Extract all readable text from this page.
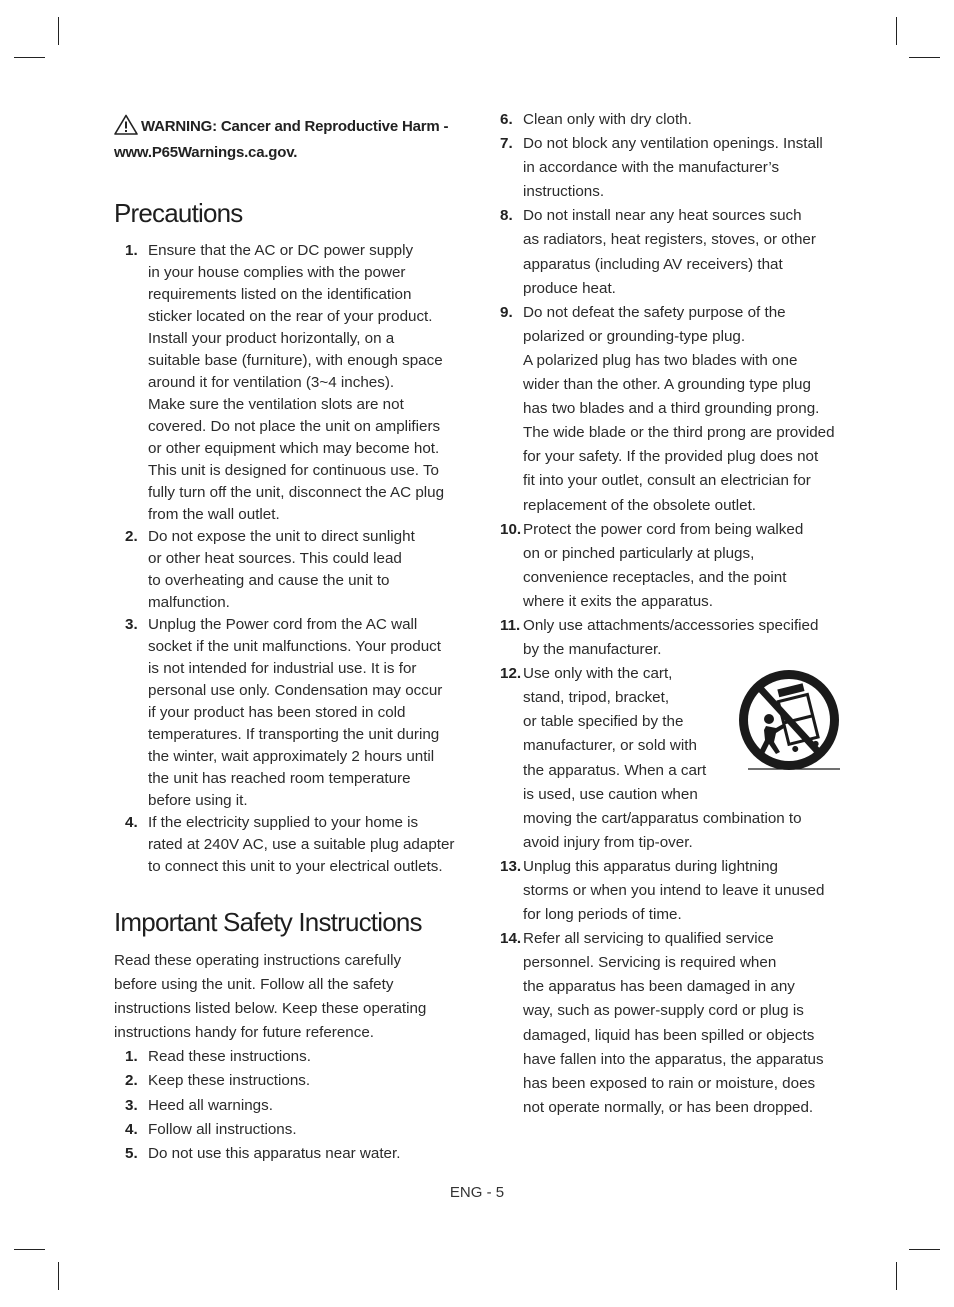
WARNING: Cancer and Reproductive Harm -
www.P65Warnings.ca.gov.
Precautions
1. Ensure that the AC or DC power supply
in your house complies with the power
requirements listed on the identification
sticker located on the rear of your product.
Install your product horizontally, on a
suitable base (furniture), with enough space
around it for ventilation (3~4 inches).
Make sure the ventilation slots are not
covered. Do not place the unit on amplifiers
or other equipment which may become hot.
This unit is designed for continuous use. To
fully turn off the unit, disconnect the AC plug
from the wall outlet.
2. Do not expose the unit to direct sunlight
or other heat sources. This could lead
to overheating and cause the unit to
malfunction.
3. Unplug the Power cord from the AC wall
socket if the unit malfunctions. Your product
is not intended for industrial use. It is for
personal use only. Condensation may occur
if your product has been stored in cold
temperatures. If transporting the unit during
the winter, wait approximately 2 hours until
the unit has reached room temperature
before using it.
4. If the electricity supplied to your home is
rated at 240V AC, use a suitable plug adapter
to connect this unit to your electrical outlets.
Important Safety Instructions
Read these operating instructions carefully
before using the unit. Follow all the safety
instructions listed below. Keep these operating
instructions handy for future reference.
1. Read these instructions.
2. Keep these instructions.
3. Heed all warnings.
4. Follow all instructions.
5. Do not use this apparatus near water.
6. Clean only with dry cloth.
7. Do not block any ventilation openings. Install
in accordance with the manufacturer’s
instructions.
8. Do not install near any heat sources such
as radiators, heat registers, stoves, or other
apparatus (including AV receivers) that
produce heat.
9. Do not defeat the safety purpose of the
polarized or grounding-type plug.
A polarized plug has two blades with one
wider than the other. A grounding type plug
has two blades and a third grounding prong.
The wide blade or the third prong are provided
for your safety. If the provided plug does not
fit into your outlet, consult an electrician for
replacement of the obsolete outlet.
10. Protect the power cord from being walked
on or pinched particularly at plugs,
convenience receptacles, and the point
where it exits the apparatus.
11. Only use attachments/accessories specified
by the manufacturer.
12. Use only with the cart,
stand, tripod, bracket,
or table specified by the
manufacturer, or sold with
the apparatus. When a cart
is used, use caution when
moving the cart/apparatus combination to
avoid injury from tip-over.
13. Unplug this apparatus during lightning
storms or when you intend to leave it unused
for long periods of time.
14. Refer all servicing to qualified service
personnel. Servicing is required when
the apparatus has been damaged in any
way, such as power-supply cord or plug is
damaged, liquid has been spilled or objects
have fallen into the apparatus, the apparatus
has been exposed to rain or moisture, does
not operate normally, or has been dropped.
ENG - 5
